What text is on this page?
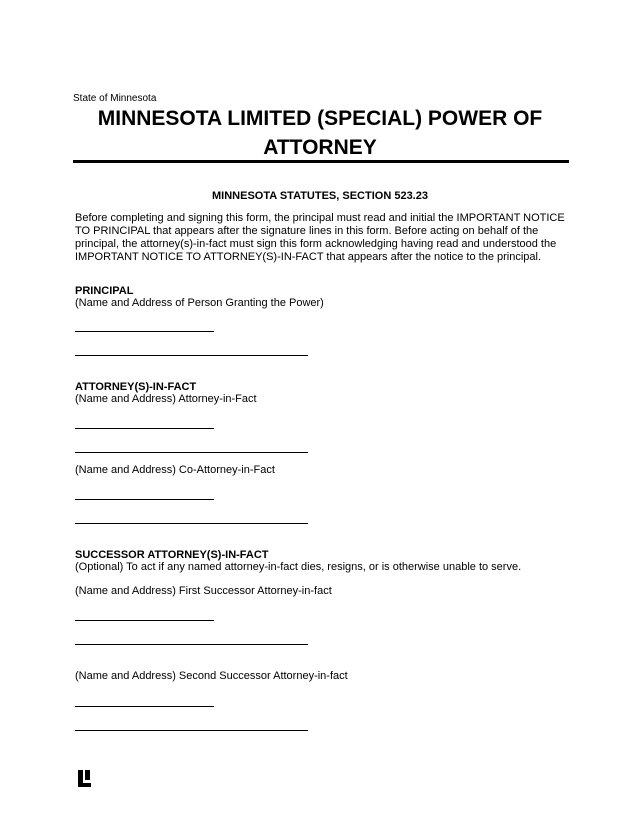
State of Minnesota
MINNESOTA LIMITED (SPECIAL) POWER OF ATTORNEY
MINNESOTA STATUTES, SECTION 523.23

Before completing and signing this form, the principal must read and initial the IMPORTANT NOTICE TO PRINCIPAL that appears after the signature lines in this form. Before acting on behalf of the principal, the attorney(s)-in-fact must sign this form acknowledging having read and understood the IMPORTANT NOTICE TO ATTORNEY(S)-IN-FACT that appears after the notice to the principal.

PRINCIPAL
(Name and Address of Person Granting the Power)
ATTORNEY(S)-IN-FACT
(Name and Address) Attorney-in-Fact
(Name and Address) Co-Attorney-in-Fact
SUCCESSOR ATTORNEY(S)-IN-FACT
(Optional) To act if any named attorney-in-fact dies, resigns, or is otherwise unable to serve.
(Name and Address) First Successor Attorney-in-fact
(Name and Address) Second Successor Attorney-in-fact
